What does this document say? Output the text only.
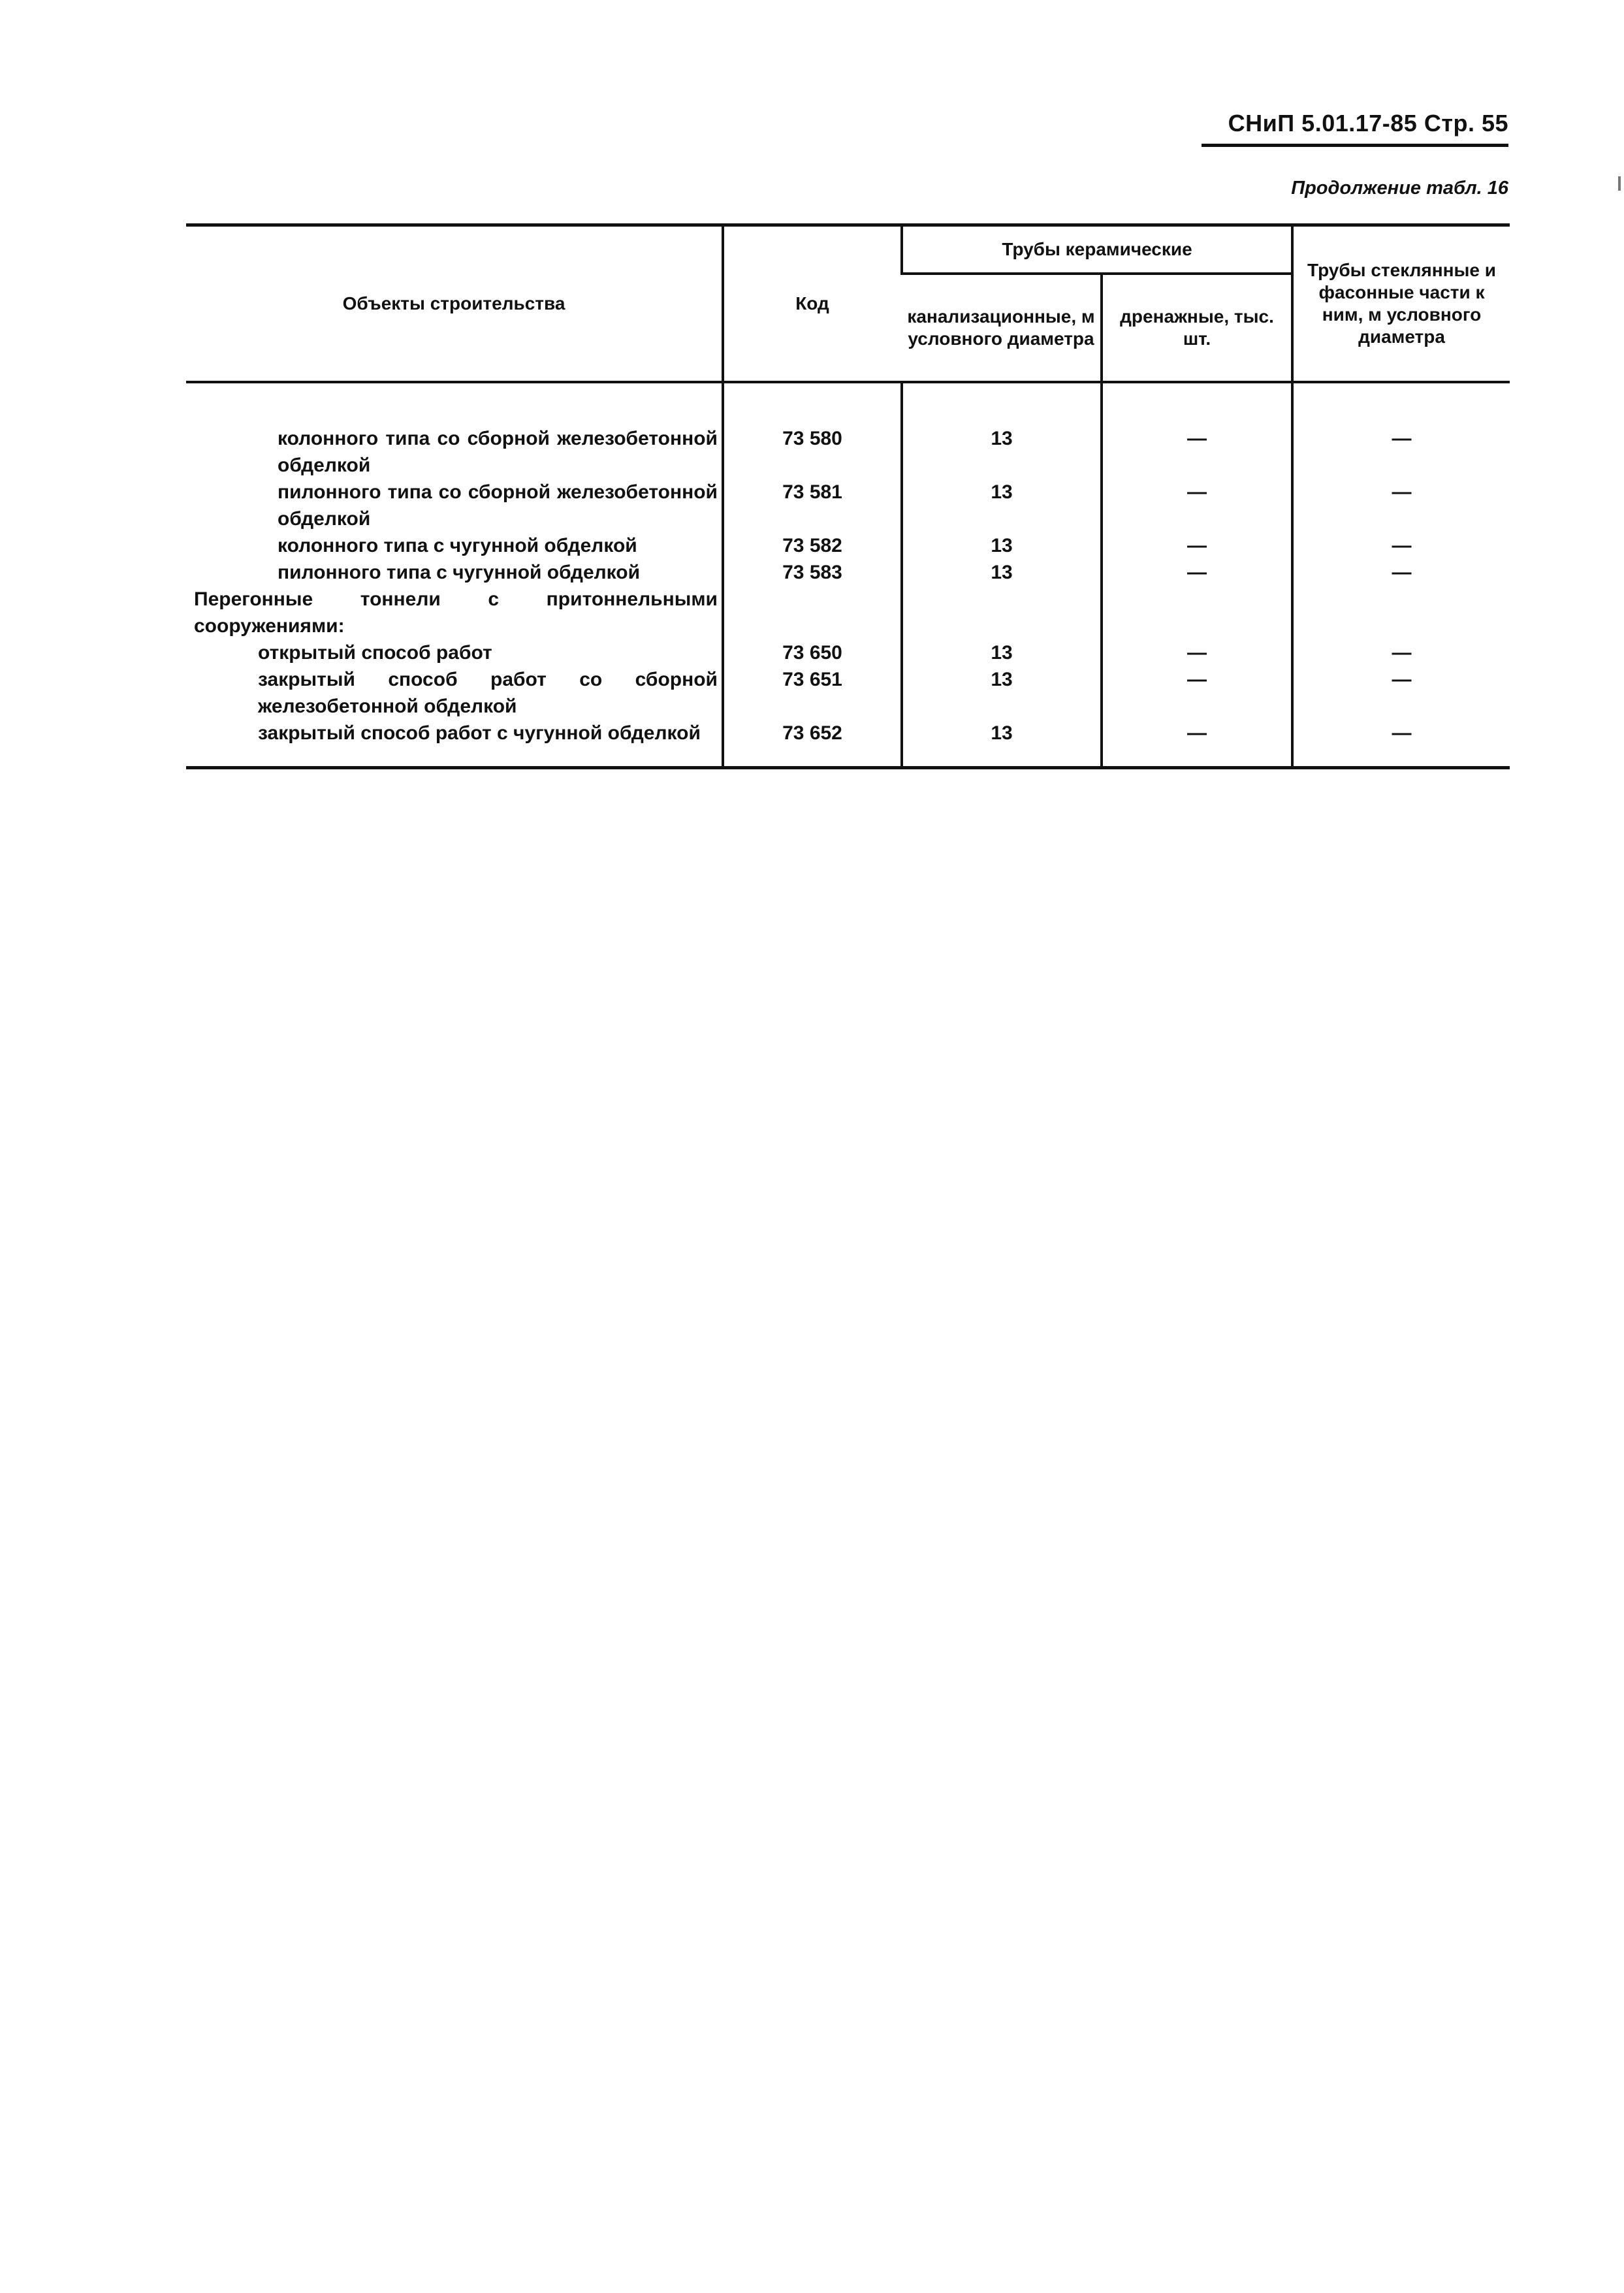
СНиП 5.01.17-85 Стр. 55
Продолжение табл. 16
Объекты строительства	Код	Трубы керамические		Трубы стеклянные и фасонные части к ним, м условного диаметра
		канализационные, м условного диаметра	дренажные, тыс. шт.	

колонного типа со сборной железобетонной обделкой	73 580	13	—	—
пилонного типа со сборной железобетонной обделкой	73 581	13	—	—
колонного типа с чугунной обделкой	73 582	13	—	—
пилонного типа с чугунной обделкой	73 583	13	—	—
Перегонные тоннели с притоннельными сооружениями:				
открытый способ работ	73 650	13	—	—
закрытый способ работ со сборной железобетонной обделкой	73 651	13	—	—
закрытый способ работ с чугунной обделкой	73 652	13	—	—
